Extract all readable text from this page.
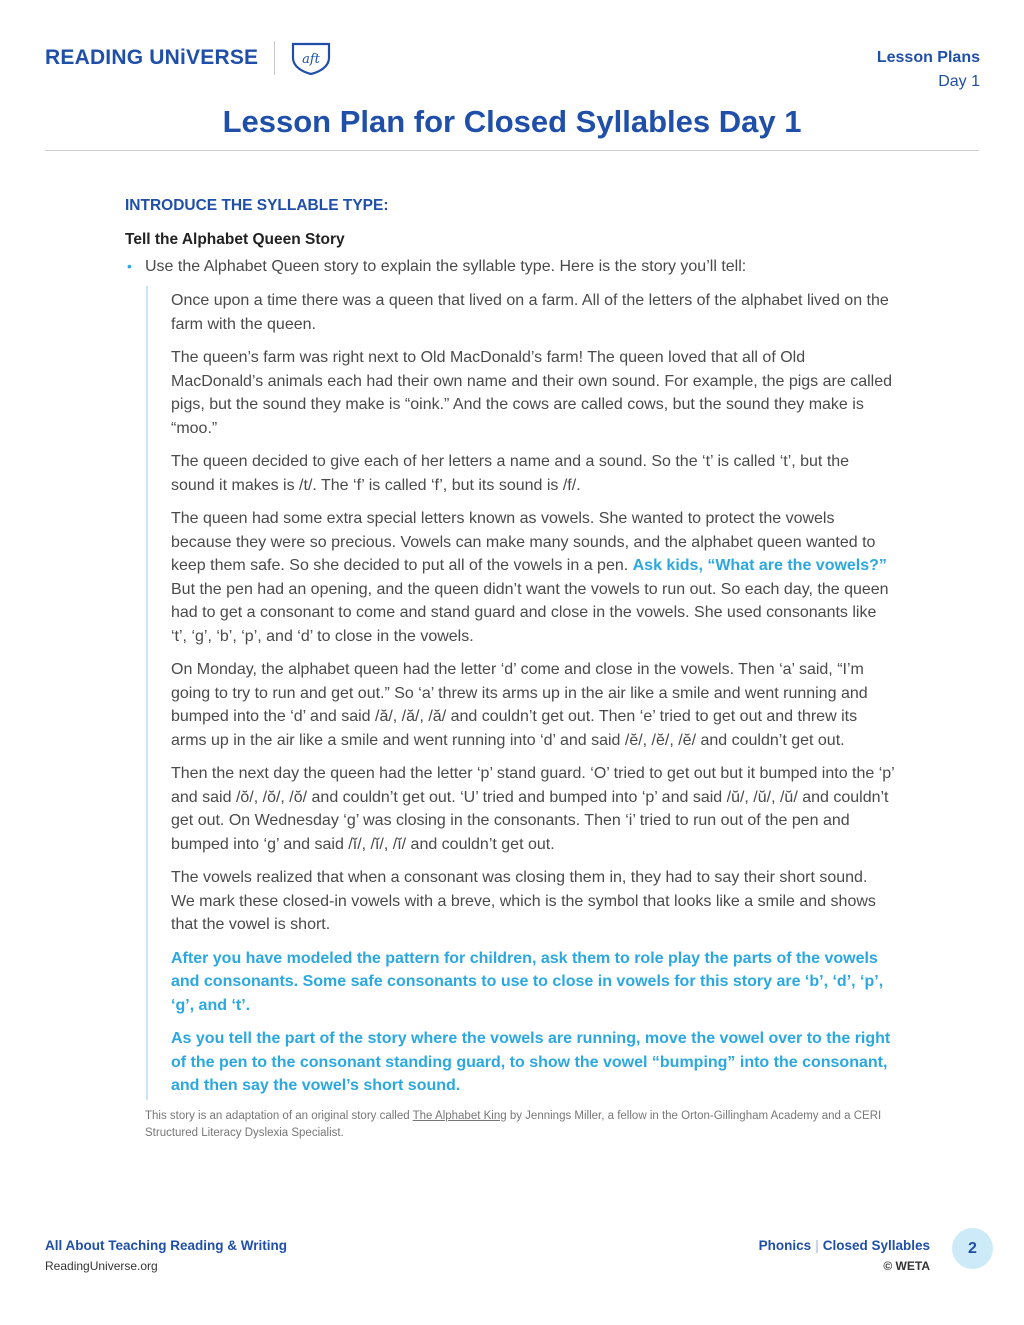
READING UNiVERSE	aft	Lesson Plans
Day 1
Lesson Plan for Closed Syllables Day 1
INTRODUCE THE SYLLABLE TYPE:
Tell the Alphabet Queen Story
• Use the Alphabet Queen story to explain the syllable type. Here is the story you’ll tell:

Once upon a time there was a queen that lived on a farm. All of the letters of the alphabet lived on the farm with the queen.

The queen’s farm was right next to Old MacDonald’s farm! The queen loved that all of Old MacDonald’s animals each had their own name and their own sound. For example, the pigs are called pigs, but the sound they make is “oink.” And the cows are called cows, but the sound they make is “moo.”

The queen decided to give each of her letters a name and a sound. So the ‘t’ is called ‘t’, but the sound it makes is /t/. The ‘f’ is called ‘f’, but its sound is /f/.

The queen had some extra special letters known as vowels. She wanted to protect the vowels because they were so precious. Vowels can make many sounds, and the alphabet queen wanted to keep them safe. So she decided to put all of the vowels in a pen. Ask kids, “What are the vowels?” But the pen had an opening, and the queen didn’t want the vowels to run out. So each day, the queen had to get a consonant to come and stand guard and close in the vowels. She used consonants like ‘t’, ‘g’, ‘b’, ‘p’, and ‘d’ to close in the vowels.

On Monday, the alphabet queen had the letter ‘d’ come and close in the vowels. Then ‘a’ said, “I’m going to try to run and get out.” So ‘a’ threw its arms up in the air like a smile and went running and bumped into the ‘d’ and said /ă/, /ă/, /ă/ and couldn’t get out. Then ‘e’ tried to get out and threw its arms up in the air like a smile and went running into ‘d’ and said /ĕ/, /ĕ/, /ĕ/ and couldn’t get out.

Then the next day the queen had the letter ‘p’ stand guard. ‘O’ tried to get out but it bumped into the ‘p’ and said /ŏ/, /ŏ/, /ŏ/ and couldn’t get out. ‘U’ tried and bumped into ‘p’ and said /ŭ/, /ŭ/, /ŭ/ and couldn’t get out. On Wednesday ‘g’ was closing in the consonants. Then ‘i’ tried to run out of the pen and bumped into ‘g’ and said /ĭ/, /ĭ/, /ĭ/ and couldn’t get out.

The vowels realized that when a consonant was closing them in, they had to say their short sound. We mark these closed-in vowels with a breve, which is the symbol that looks like a smile and shows that the vowel is short.

After you have modeled the pattern for children, ask them to role play the parts of the vowels and consonants. Some safe consonants to use to close in vowels for this story are ‘b’, ‘d’, ‘p’, ‘g’, and ‘t’.

As you tell the part of the story where the vowels are running, move the vowel over to the right of the pen to the consonant standing guard, to show the vowel “bumping” into the consonant, and then say the vowel’s short sound.

This story is an adaptation of an original story called The Alphabet King by Jennings Miller, a fellow in the Orton-Gillingham Academy and a CERI Structured Literacy Dyslexia Specialist.
All About Teaching Reading & Writing
ReadingUniverse.org
Phonics | Closed Syllables
© WETA
2
